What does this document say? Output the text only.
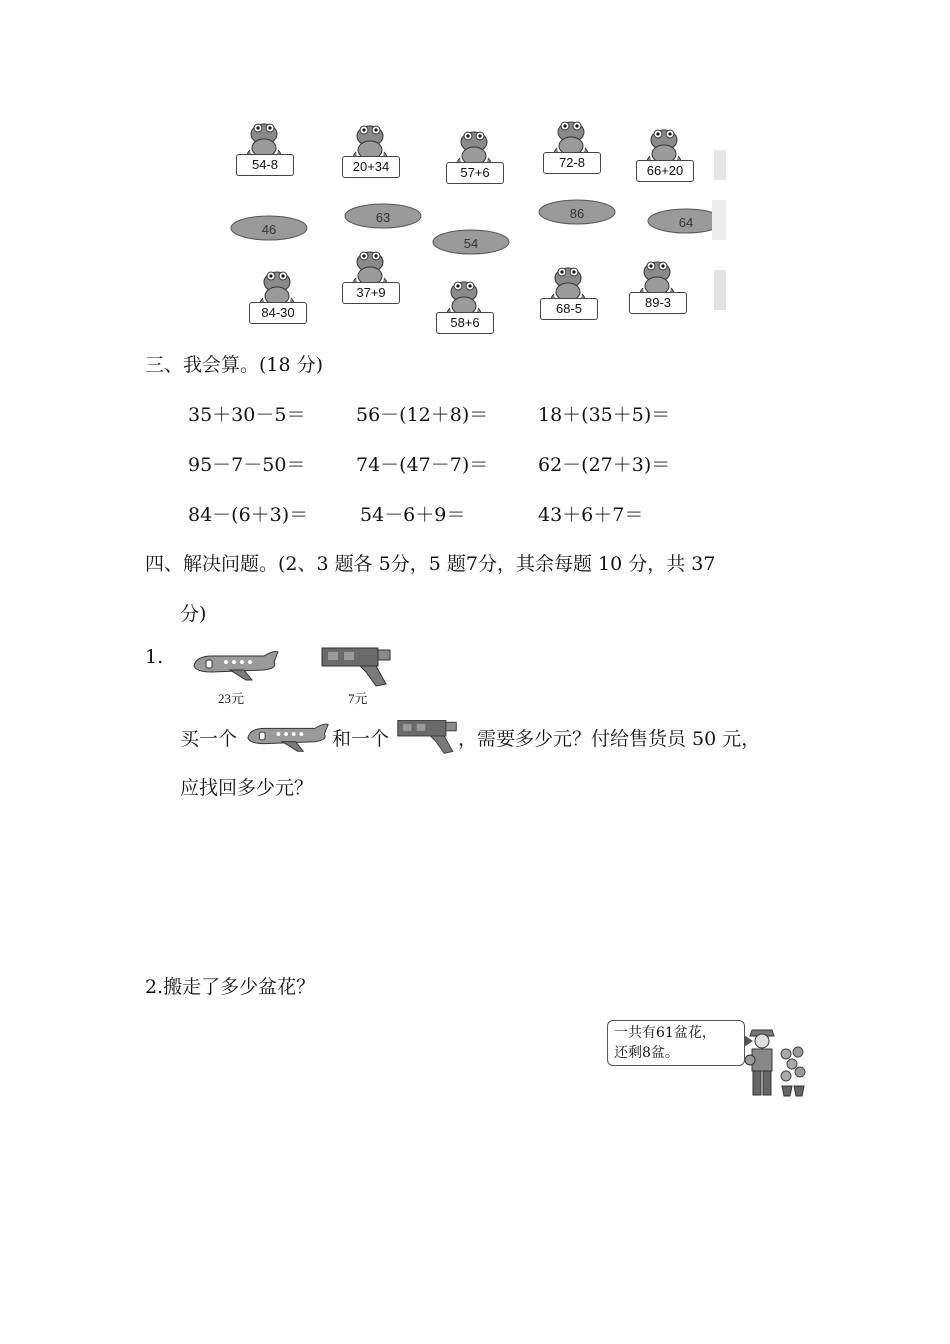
54-8	20+34	57+6
72-8
66+20
46
63
54
86
64
84-30
37+9
58+6
68-5	89-3
三、我会算。(18 分)
35＋30－5＝	56－(12＋8)＝	18＋(35＋5)＝
95－7－50＝	74－(47－7)＝	62－(27＋3)＝
84－(6＋3)＝	54－6＋9＝	43＋6＋7＝
四、解决问题。(2、3 题各 5分，5 题7分，其余每题 10 分，共 37
分)
1.
23元	7元
买一个	和一个	，需要多少元？付给售货员 50 元，
应找回多少元？
2.搬走了多少盆花？
一共有61盆花，
还剩8盆。
